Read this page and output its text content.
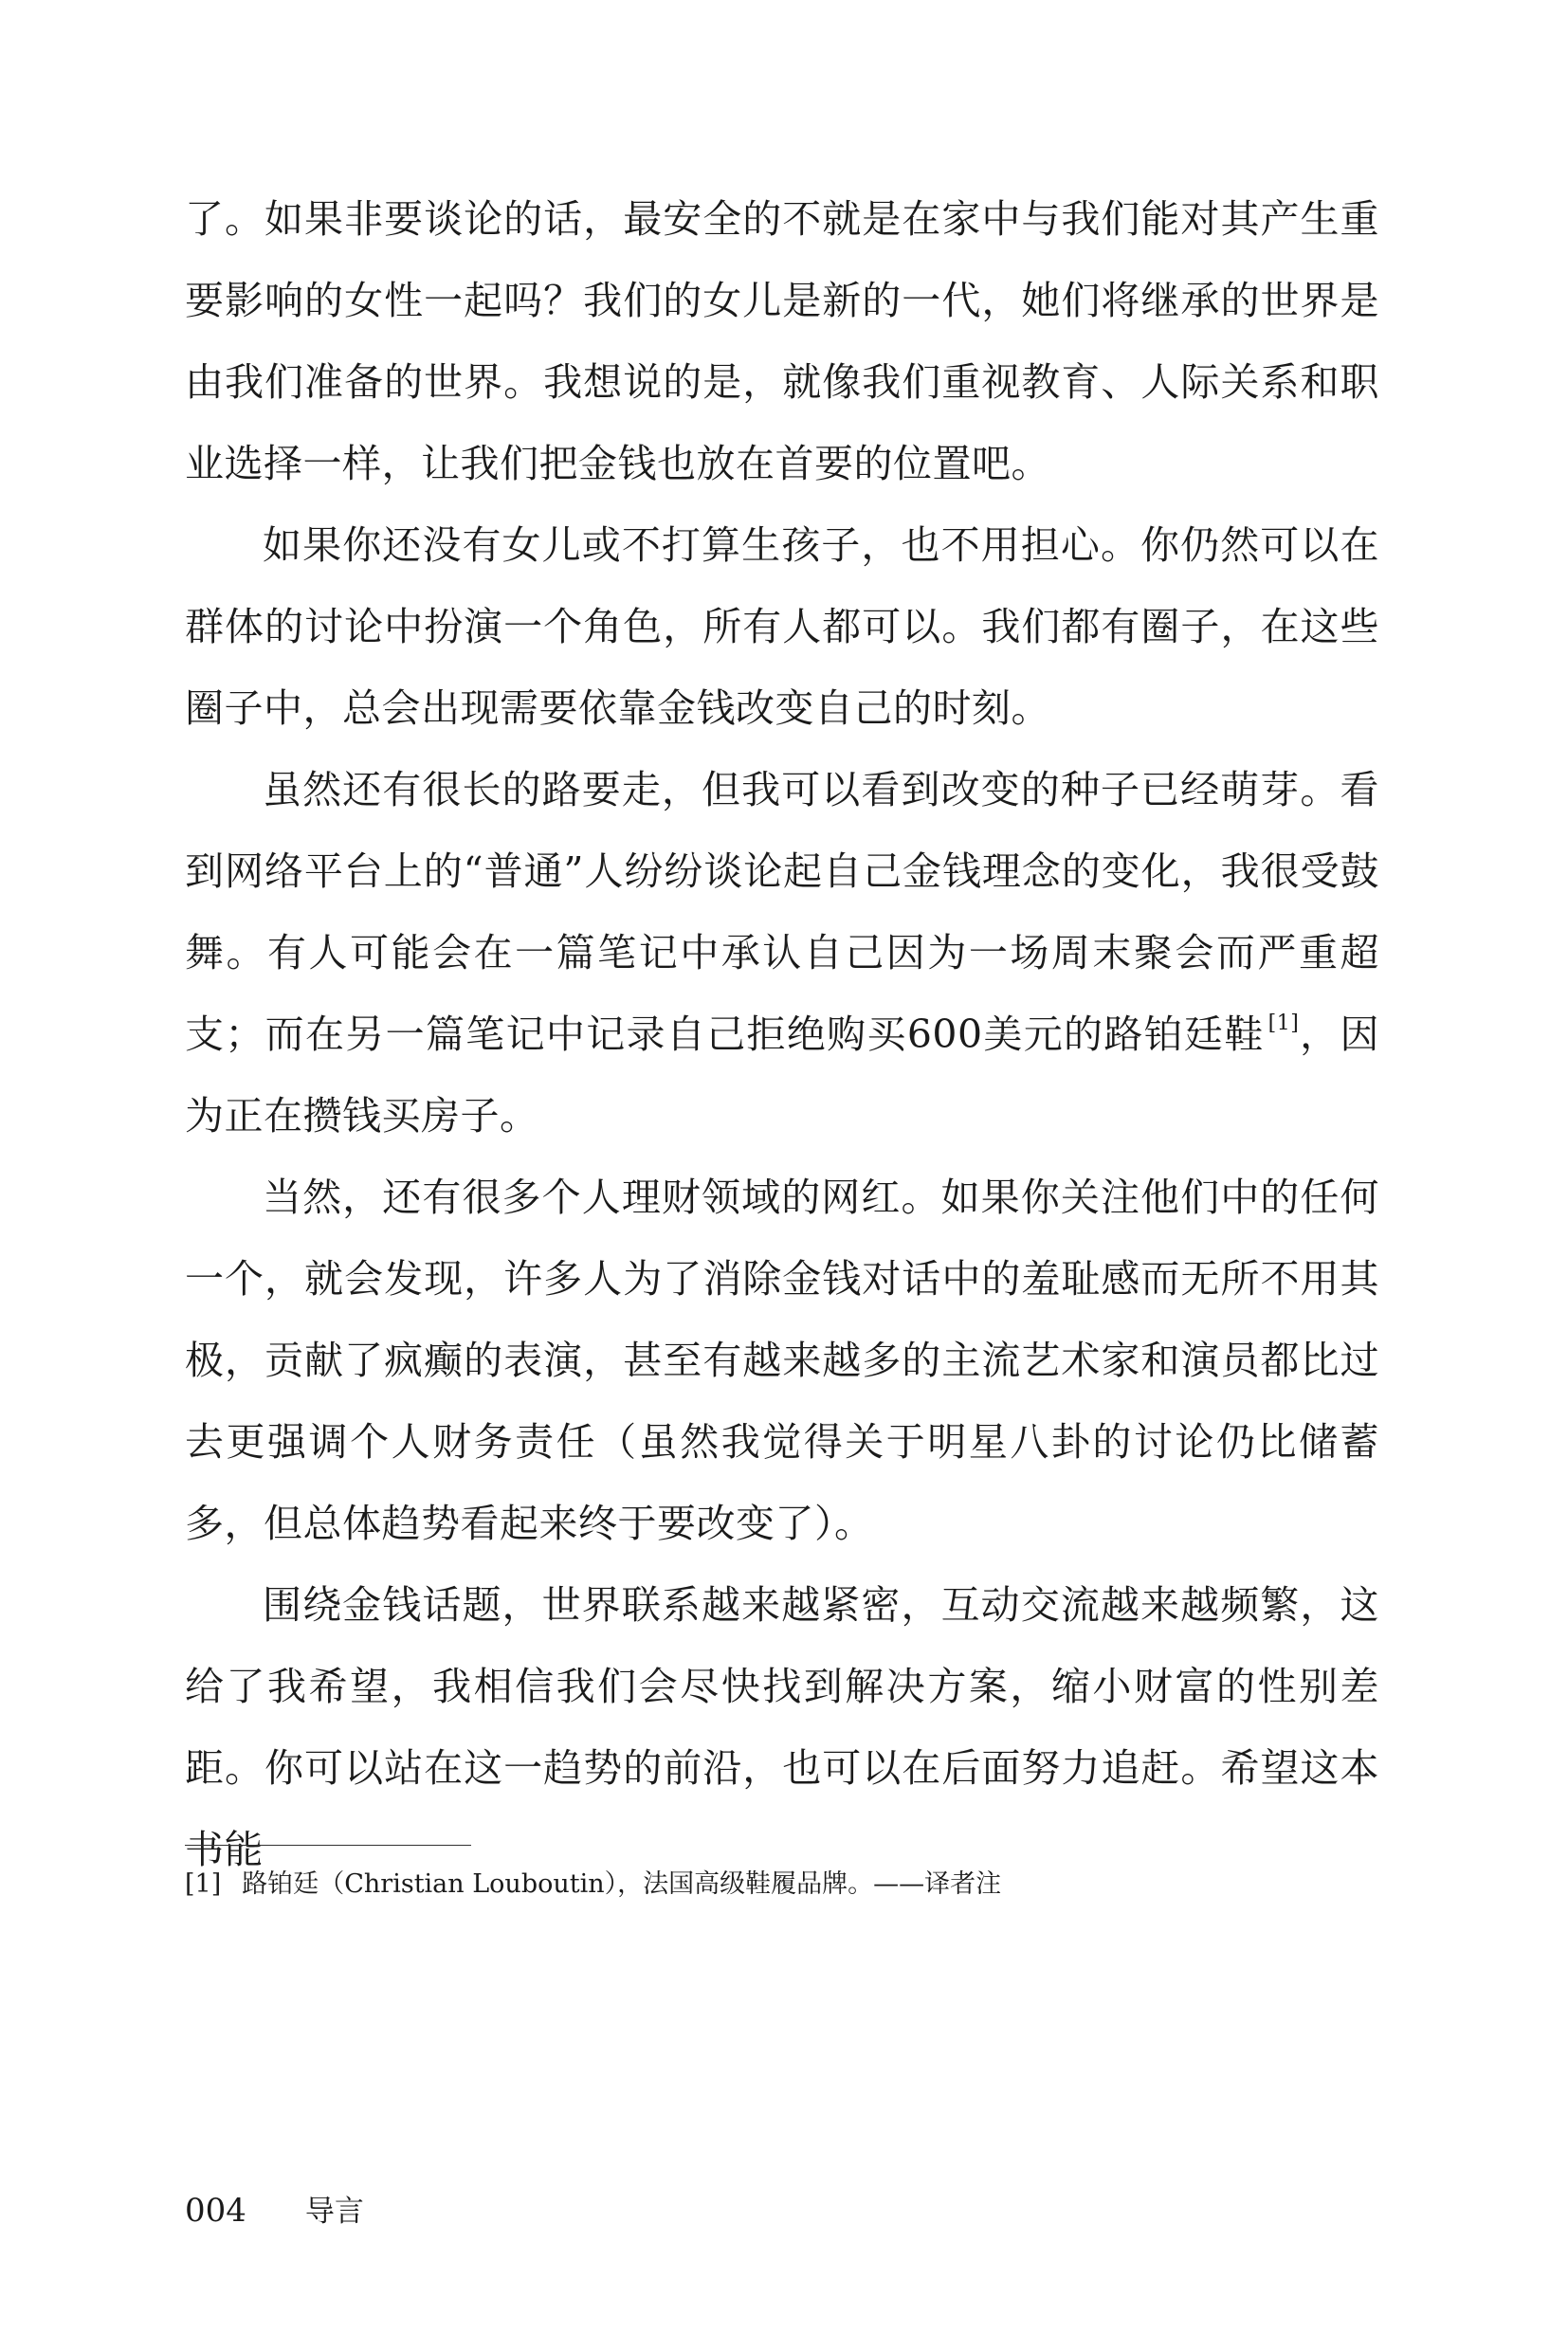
了。如果非要谈论的话，最安全的不就是在家中与我们能对其产生重要影响的女性一起吗？我们的女儿是新的一代，她们将继承的世界是由我们准备的世界。我想说的是，就像我们重视教育、人际关系和职业选择一样，让我们把金钱也放在首要的位置吧。

如果你还没有女儿或不打算生孩子，也不用担心。你仍然可以在群体的讨论中扮演一个角色，所有人都可以。我们都有圈子，在这些圈子中，总会出现需要依靠金钱改变自己的时刻。

虽然还有很长的路要走，但我可以看到改变的种子已经萌芽。看到网络平台上的“普通”人纷纷谈论起自己金钱理念的变化，我很受鼓舞。有人可能会在一篇笔记中承认自己因为一场周末聚会而严重超支；而在另一篇笔记中记录自己拒绝购买600美元的路铂廷鞋 [1]，因为正在攒钱买房子。

当然，还有很多个人理财领域的网红。如果你关注他们中的任何一个，就会发现，许多人为了消除金钱对话中的羞耻感而无所不用其极，贡献了疯癫的表演，甚至有越来越多的主流艺术家和演员都比过去更强调个人财务责任（虽然我觉得关于明星八卦的讨论仍比储蓄多，但总体趋势看起来终于要改变了）。

围绕金钱话题，世界联系越来越紧密，互动交流越来越频繁，这给了我希望，我相信我们会尽快找到解决方案，缩小财富的性别差距。你可以站在这一趋势的前沿，也可以在后面努力追赶。希望这本书能

[1] 路铂廷（Christian Louboutin），法国高级鞋履品牌。——译者注
004 导言
